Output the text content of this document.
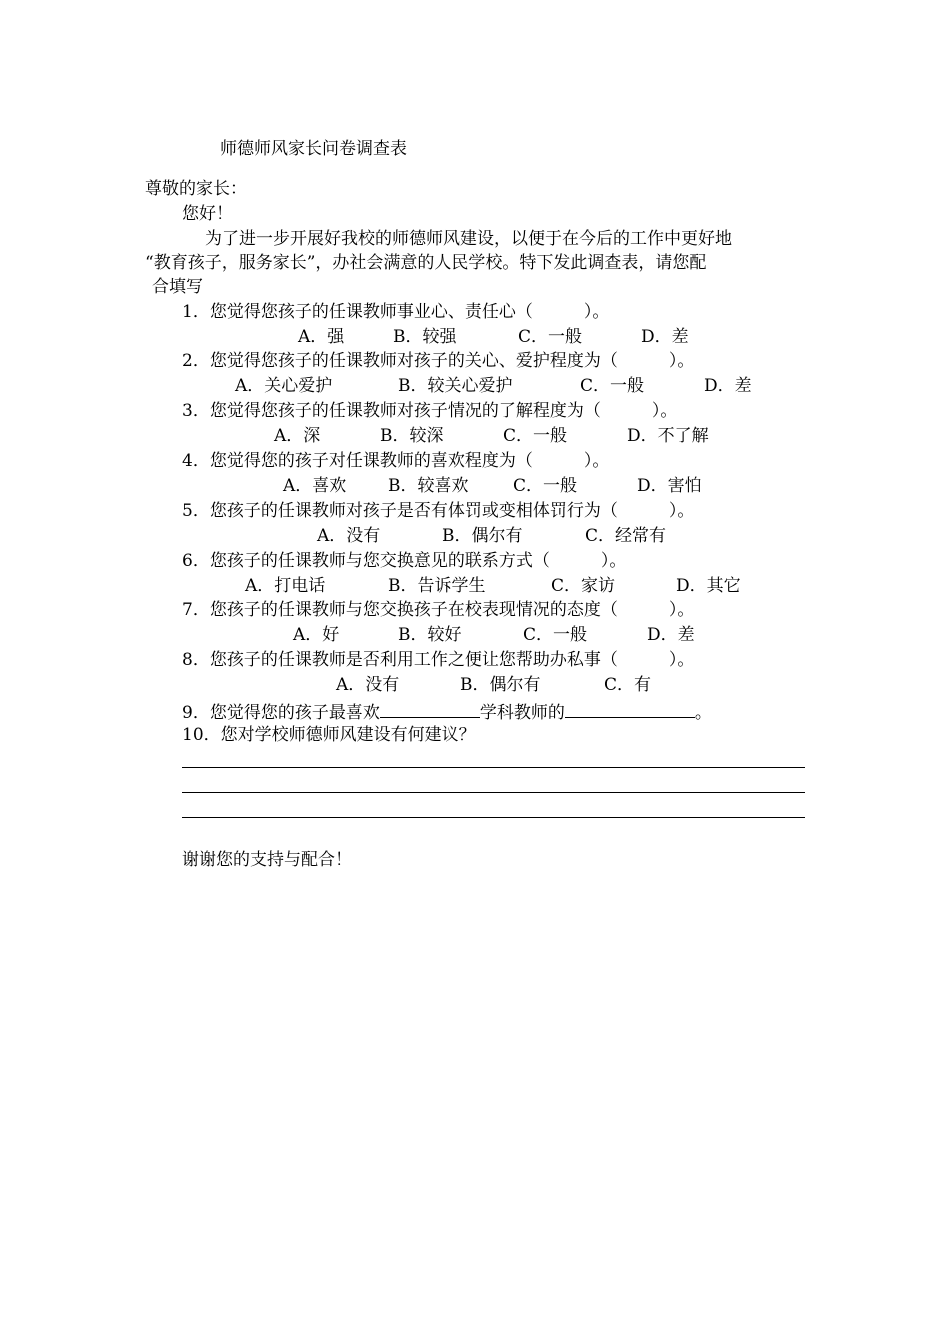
师德师风家长问卷调查表
尊敬的家长：
您好！
为了进一步开展好我校的师德师风建设，以便于在今后的工作中更好地
“教育孩子，服务家长”，办社会满意的人民学校。特下发此调查表，请您配
合填写
1．您觉得您孩子的任课教师事业心、责任心（　　　）。
A．强	B．较强	C．一般	D．差
2．您觉得您孩子的任课教师对孩子的关心、爱护程度为（　　　）。
A．关心爱护	B．较关心爱护	C．一般	D．差
3．您觉得您孩子的任课教师对孩子情况的了解程度为（　　　）。
A．深	B．较深	C．一般	D．不了解
4．您觉得您的孩子对任课教师的喜欢程度为（　　　）。
A．喜欢 B．较喜欢	C．一般	D．害怕
5．您孩子的任课教师对孩子是否有体罚或变相体罚行为（　　　）。
A．没有	B．偶尔有	C．经常有
6．您孩子的任课教师与您交换意见的联系方式（　　　）。
A．打电话	B．告诉学生	C．家访	D．其它
7．您孩子的任课教师与您交换孩子在校表现情况的态度（　　　）。
A．好	B．较好	C．一般	D．差
8．您孩子的任课教师是否利用工作之便让您帮助办私事（　　　）。
A．没有	B．偶尔有	C．有
9．您觉得您的孩子最喜欢	学科教师的	。
10．您对学校师德师风建设有何建议？
谢谢您的支持与配合！
